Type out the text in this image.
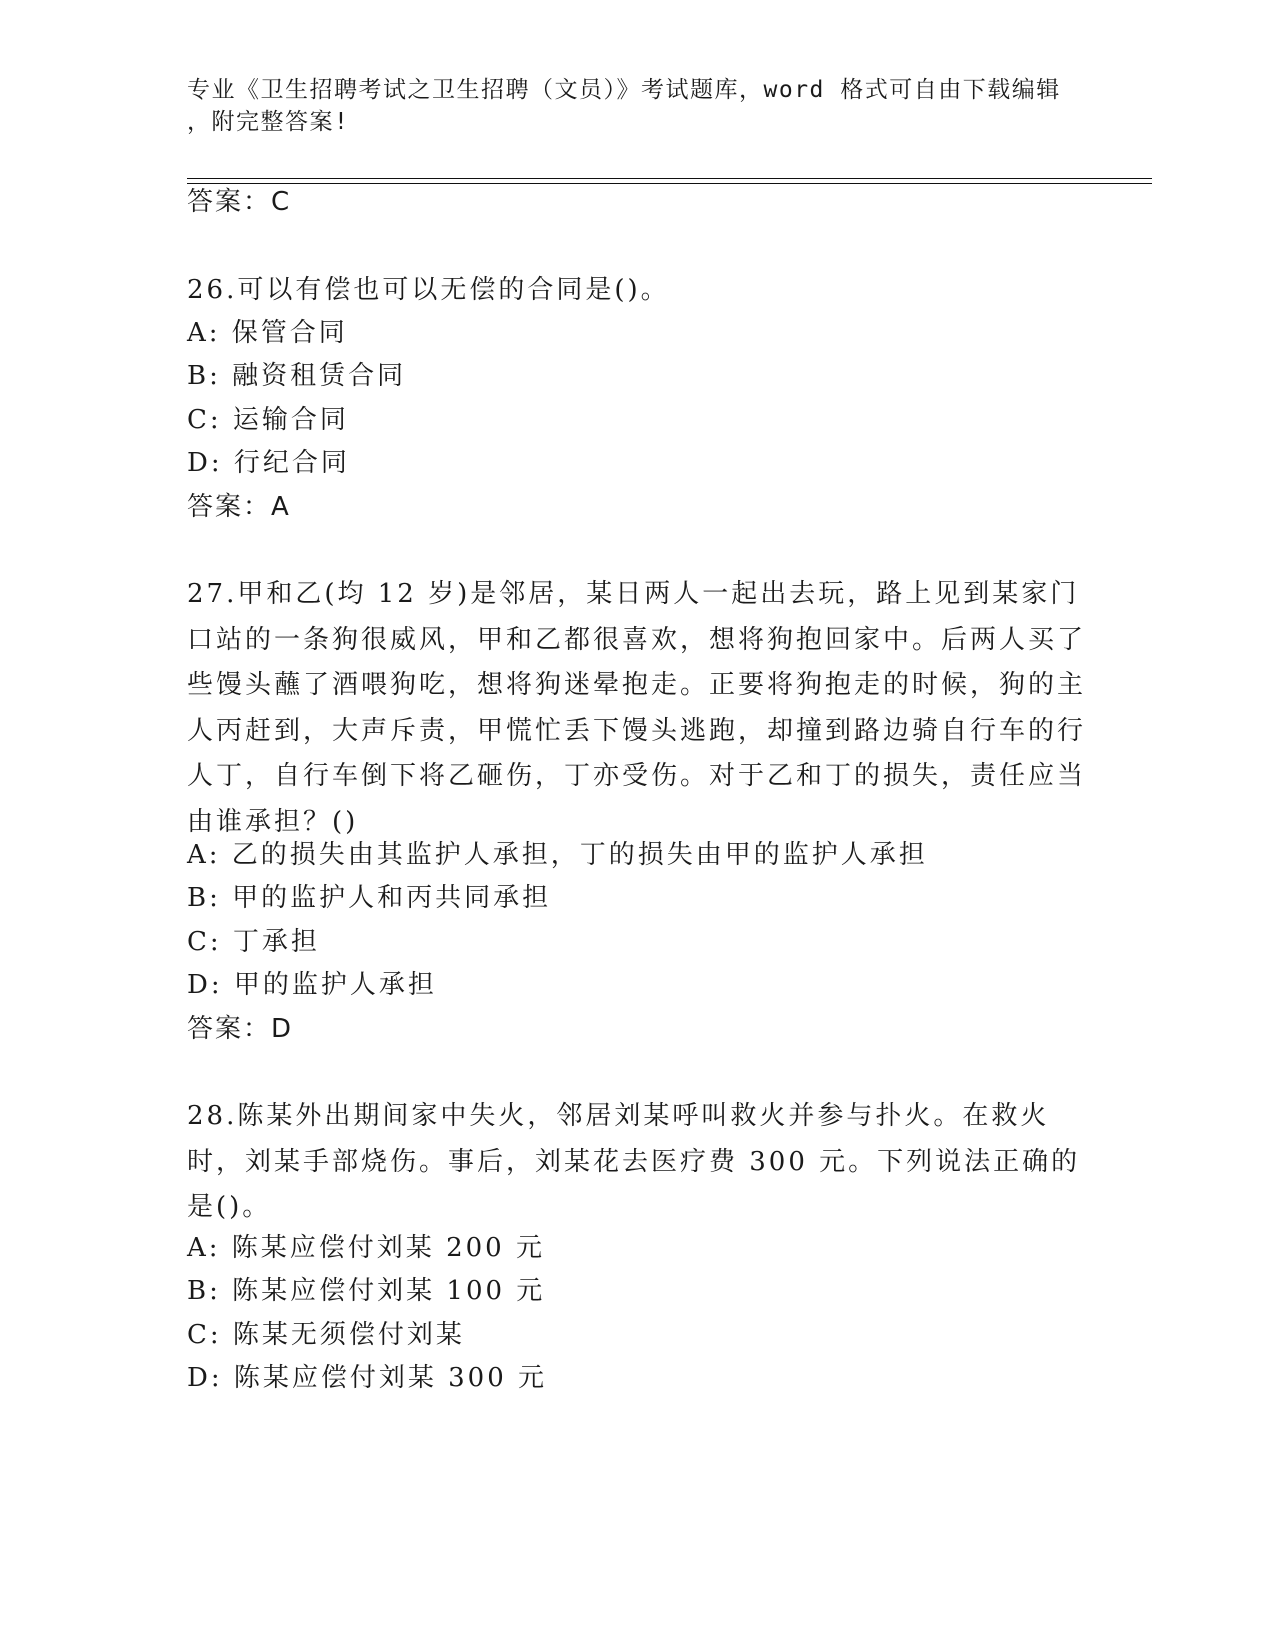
专业《卫生招聘考试之卫生招聘（文员）》考试题库，word 格式可自由下载编辑
，附完整答案!
答案：C
26.可以有偿也可以无偿的合同是()。
A: 保管合同
B: 融资租赁合同
C: 运输合同
D: 行纪合同
答案：A
27.甲和乙(均 12 岁)是邻居，某日两人一起出去玩，路上见到某家门口站的一条狗很威风，甲和乙都很喜欢，想将狗抱回家中。后两人买了些馒头蘸了酒喂狗吃，想将狗迷晕抱走。正要将狗抱走的时候，狗的主人丙赶到，大声斥责，甲慌忙丢下馒头逃跑，却撞到路边骑自行车的行人丁，自行车倒下将乙砸伤，丁亦受伤。对于乙和丁的损失，责任应当由谁承担？()
A: 乙的损失由其监护人承担，丁的损失由甲的监护人承担
B: 甲的监护人和丙共同承担
C: 丁承担
D: 甲的监护人承担
答案：D
28.陈某外出期间家中失火，邻居刘某呼叫救火并参与扑火。在救火时，刘某手部烧伤。事后，刘某花去医疗费 300 元。下列说法正确的是()。
A: 陈某应偿付刘某 200 元
B: 陈某应偿付刘某 100 元
C: 陈某无须偿付刘某
D: 陈某应偿付刘某 300 元
